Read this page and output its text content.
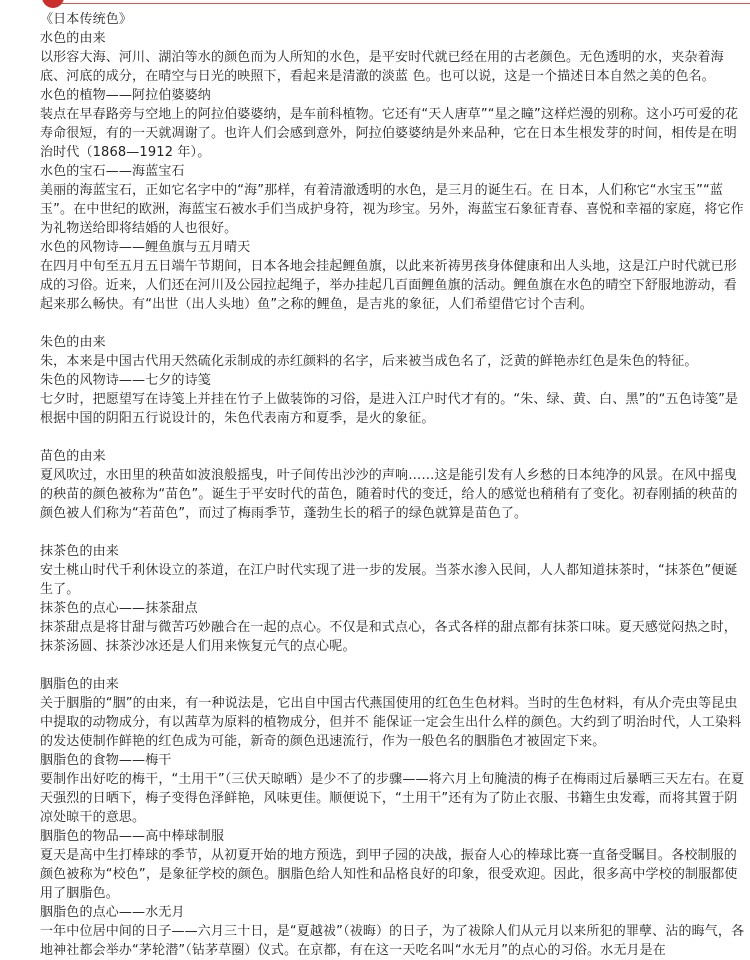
《日本传统色》

水色的由来

以形容大海、河川、湖泊等水的颜色而为人所知的水色，是平安时代就已经在用的古老颜色。无色透明的水，夹杂着海底、河底的成分，在晴空与日光的映照下，看起来是清澈的淡蓝 色。也可以说，这是一个描述日本自然之美的色名。

水色的植物——阿拉伯婆婆纳

装点在早春路旁与空地上的阿拉伯婆婆纳，是车前科植物。它还有“天人唐草”“星之瞳”这样烂漫的别称。这小巧可爱的花寿命很短，有的一天就凋谢了。也许人们会感到意外，阿拉伯婆婆纳是外来品种，它在日本生根发芽的时间，相传是在明治时代（1868—1912 年）。

水色的宝石——海蓝宝石

美丽的海蓝宝石，正如它名字中的“海”那样，有着清澈透明的水色，是三月的诞生石。在 日本，人们称它“水宝玉”“蓝玉”。在中世纪的欧洲，海蓝宝石被水手们当成护身符，视为珍宝。另外，海蓝宝石象征青春、喜悦和幸福的家庭，将它作为礼物送给即将结婚的人也很好。

水色的风物诗——鲤鱼旗与五月晴天

在四月中旬至五月五日端午节期间，日本各地会挂起鲤鱼旗，以此来祈祷男孩身体健康和出人头地，这是江户时代就已形成的习俗。近来，人们还在河川及公园拉起绳子，举办挂起几百面鲤鱼旗的活动。鲤鱼旗在水色的晴空下舒服地游动，看起来那么畅快。有“出世（出人头地）鱼”之称的鲤鱼，是吉兆的象征，人们希望借它讨个吉利。

朱色的由来

朱，本来是中国古代用天然硫化汞制成的赤红颜料的名字，后来被当成色名了，泛黄的鲜艳赤红色是朱色的特征。

朱色的风物诗——七夕的诗笺

七夕时，把愿望写在诗笺上并挂在竹子上做装饰的习俗，是进入江户时代才有的。“朱、绿、黄、白、黑”的“五色诗笺”是根据中国的阴阳五行说设计的，朱色代表南方和夏季，是火的象征。

苗色的由来

夏风吹过，水田里的秧苗如波浪般摇曳，叶子间传出沙沙的声响……这是能引发有人乡愁的日本纯净的风景。在风中摇曳的秧苗的颜色被称为“苗色”。诞生于平安时代的苗色，随着时代的变迁，给人的感觉也稍稍有了变化。初春刚插的秧苗的颜色被人们称为“若苗色”，而过了梅雨季节，蓬勃生长的稻子的绿色就算是苗色了。

抹茶色的由来

安土桃山时代千利休设立的茶道，在江户时代实现了进一步的发展。当茶水渗入民间，人人都知道抹茶时，“抹茶色”便诞生了。

抹茶色的点心——抹茶甜点

抹茶甜点是将甘甜与微苦巧妙融合在一起的点心。不仅是和式点心，各式各样的甜点都有抹茶口味。夏天感觉闷热之时，抹茶汤圆、抹茶沙冰还是人们用来恢复元气的点心呢。

胭脂色的由来

关于胭脂的“胭”的由来，有一种说法是，它出自中国古代燕国使用的红色生色材料。当时的生色材料，有从介壳虫等昆虫中提取的动物成分，有以茜草为原料的植物成分，但并不 能保证一定会生出什么样的颜色。大约到了明治时代，人工染料的发达使制作鲜艳的红色成为可能，新奇的颜色迅速流行，作为一般色名的胭脂色才被固定下来。

胭脂色的食物——梅干

要制作出好吃的梅干，“土用干”（三伏天晾晒）是少不了的步骤——将六月上旬腌渍的梅子在梅雨过后暴晒三天左右。在夏天强烈的日晒下，梅子变得色泽鲜艳，风味更佳。顺便说下，“土用干”还有为了防止衣服、书籍生虫发霉，而将其置于阴凉处晾干的意思。

胭脂色的物品——高中棒球制服

夏天是高中生打棒球的季节，从初夏开始的地方预选，到甲子园的决战，振奋人心的棒球比赛一直备受瞩目。各校制服的颜色被称为“校色”，是象征学校的颜色。胭脂色给人知性和品格良好的印象，很受欢迎。因此，很多高中学校的制服都使用了胭脂色。

胭脂色的点心——水无月

一年中位居中间的日子——六月三十日，是“夏越祓”（祓晦）的日子，为了祓除人们从元月以来所犯的罪孽、沾的晦气，各地神社都会举办“茅轮潜”（钻茅草圈）仪式。在京都，有在这一天吃名叫“水无月”的点心的习俗。水无月是在
